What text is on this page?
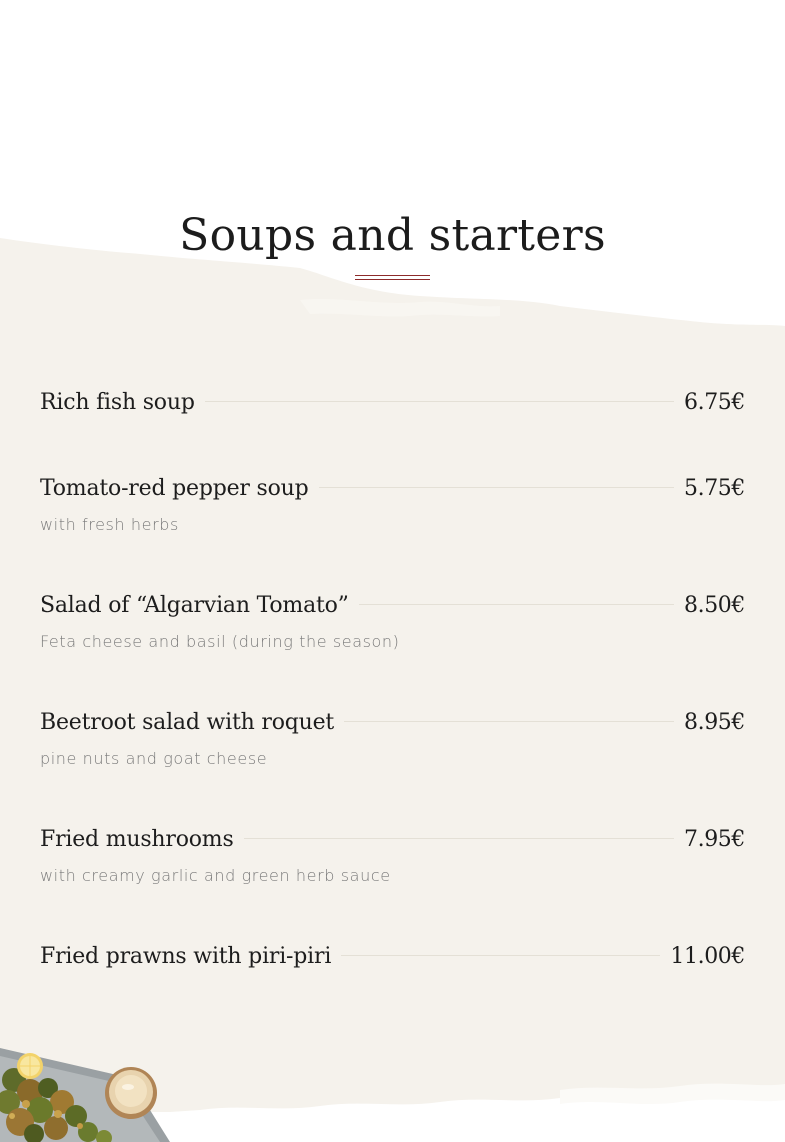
Soups and starters
Rich fish soup	6.75€
Tomato-red pepper soup	5.75€
with fresh herbs
Salad of “Algarvian Tomato”	8.50€
Feta cheese and basil (during the season)
Beetroot salad with roquet	8.95€
pine nuts and goat cheese
Fried mushrooms	7.95€
with creamy garlic and green herb sauce
Fried prawns with piri-piri	11.00€
